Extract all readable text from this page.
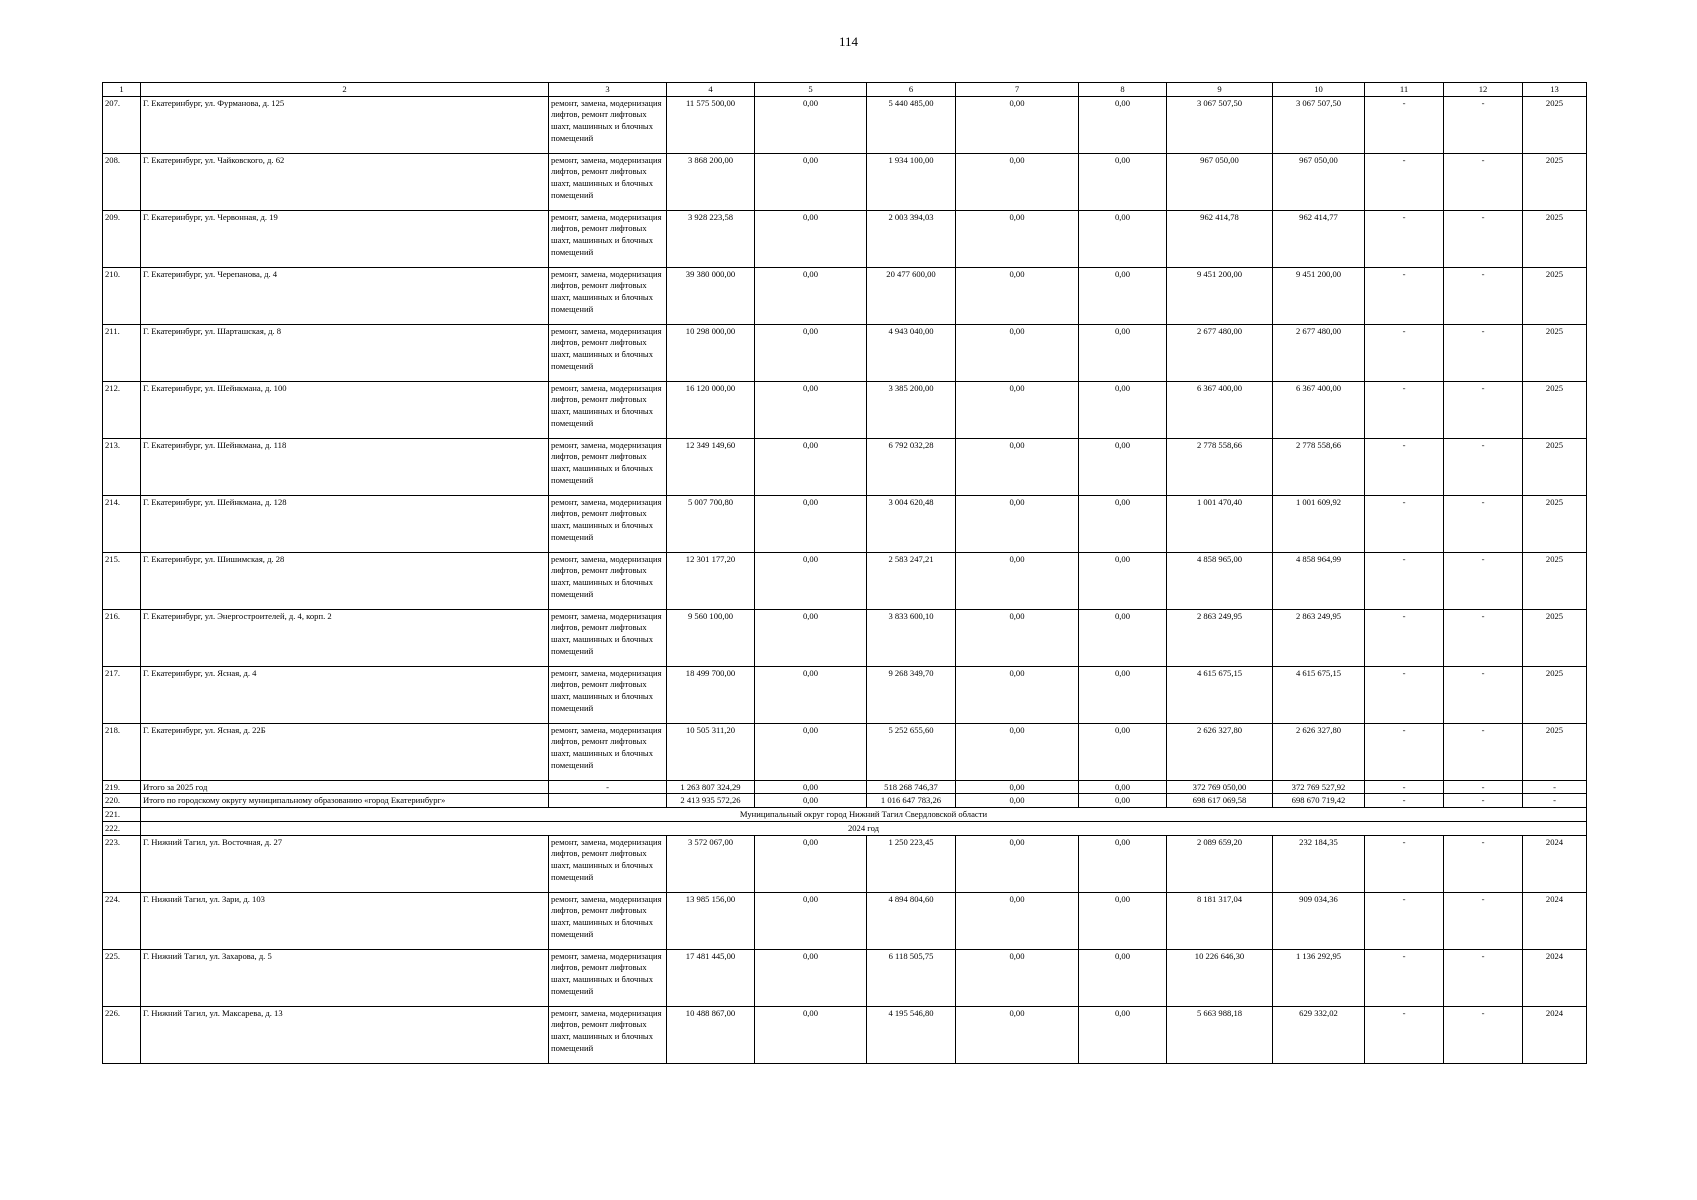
114
1	2	3	4	5	6	7	8	9	10	11	12	13
207.	Г. Екатеринбург, ул. Фурманова, д. 125	ремонт, замена, модернизация лифтов, ремонт лифтовых шахт, машинных и блочных помещений	11 575 500,00	0,00	5 440 485,00	0,00	0,00	3 067 507,50	3 067 507,50	-	-	2025
208.	Г. Екатеринбург, ул. Чайковского, д. 62	ремонт, замена, модернизация лифтов, ремонт лифтовых шахт, машинных и блочных помещений	3 868 200,00	0,00	1 934 100,00	0,00	0,00	967 050,00	967 050,00	-	-	2025
209.	Г. Екатеринбург, ул. Червонная, д. 19	ремонт, замена, модернизация лифтов, ремонт лифтовых шахт, машинных и блочных помещений	3 928 223,58	0,00	2 003 394,03	0,00	0,00	962 414,78	962 414,77	-	-	2025
210.	Г. Екатеринбург, ул. Черепанова, д. 4	ремонт, замена, модернизация лифтов, ремонт лифтовых шахт, машинных и блочных помещений	39 380 000,00	0,00	20 477 600,00	0,00	0,00	9 451 200,00	9 451 200,00	-	-	2025
211.	Г. Екатеринбург, ул. Шарташская, д. 8	ремонт, замена, модернизация лифтов, ремонт лифтовых шахт, машинных и блочных помещений	10 298 000,00	0,00	4 943 040,00	0,00	0,00	2 677 480,00	2 677 480,00	-	-	2025
212.	Г. Екатеринбург, ул. Шейнкмана, д. 100	ремонт, замена, модернизация лифтов, ремонт лифтовых шахт, машинных и блочных помещений	16 120 000,00	0,00	3 385 200,00	0,00	0,00	6 367 400,00	6 367 400,00	-	-	2025
213.	Г. Екатеринбург, ул. Шейнкмана, д. 118	ремонт, замена, модернизация лифтов, ремонт лифтовых шахт, машинных и блочных помещений	12 349 149,60	0,00	6 792 032,28	0,00	0,00	2 778 558,66	2 778 558,66	-	-	2025
214.	Г. Екатеринбург, ул. Шейнкмана, д. 128	ремонт, замена, модернизация лифтов, ремонт лифтовых шахт, машинных и блочных помещений	5 007 700,80	0,00	3 004 620,48	0,00	0,00	1 001 470,40	1 001 609,92	-	-	2025
215.	Г. Екатеринбург, ул. Шишимская, д. 28	ремонт, замена, модернизация лифтов, ремонт лифтовых шахт, машинных и блочных помещений	12 301 177,20	0,00	2 583 247,21	0,00	0,00	4 858 965,00	4 858 964,99	-	-	2025
216.	Г. Екатеринбург, ул. Энергостроителей, д. 4, корп. 2	ремонт, замена, модернизация лифтов, ремонт лифтовых шахт, машинных и блочных помещений	9 560 100,00	0,00	3 833 600,10	0,00	0,00	2 863 249,95	2 863 249,95	-	-	2025
217.	Г. Екатеринбург, ул. Ясная, д. 4	ремонт, замена, модернизация лифтов, ремонт лифтовых шахт, машинных и блочных помещений	18 499 700,00	0,00	9 268 349,70	0,00	0,00	4 615 675,15	4 615 675,15	-	-	2025
218.	Г. Екатеринбург, ул. Ясная, д. 22Б	ремонт, замена, модернизация лифтов, ремонт лифтовых шахт, машинных и блочных помещений	10 505 311,20	0,00	5 252 655,60	0,00	0,00	2 626 327,80	2 626 327,80	-	-	2025
219.	Итого за 2025 год	-	1 263 807 324,29	0,00	518 268 746,37	0,00	0,00	372 769 050,00	372 769 527,92	-	-	-
220.	Итого по городскому округу муниципальному образованию «город Екатеринбург»		2 413 935 572,26	0,00	1 016 647 783,26	0,00	0,00	698 617 069,58	698 670 719,42	-	-	-
221.	Муниципальный округ город Нижний Тагил Свердловской области											
222.	2024 год											
223.	Г. Нижний Тагил, ул. Восточная, д. 27	ремонт, замена, модернизация лифтов, ремонт лифтовых шахт, машинных и блочных помещений	3 572 067,00	0,00	1 250 223,45	0,00	0,00	2 089 659,20	232 184,35	-	-	2024
224.	Г. Нижний Тагил, ул. Зари, д. 103	ремонт, замена, модернизация лифтов, ремонт лифтовых шахт, машинных и блочных помещений	13 985 156,00	0,00	4 894 804,60	0,00	0,00	8 181 317,04	909 034,36	-	-	2024
225.	Г. Нижний Тагил, ул. Захарова, д. 5	ремонт, замена, модернизация лифтов, ремонт лифтовых шахт, машинных и блочных помещений	17 481 445,00	0,00	6 118 505,75	0,00	0,00	10 226 646,30	1 136 292,95	-	-	2024
226.	Г. Нижний Тагил, ул. Максарева, д. 13	ремонт, замена, модернизация лифтов, ремонт лифтовых шахт, машинных и блочных помещений	10 488 867,00	0,00	4 195 546,80	0,00	0,00	5 663 988,18	629 332,02	-	-	2024
